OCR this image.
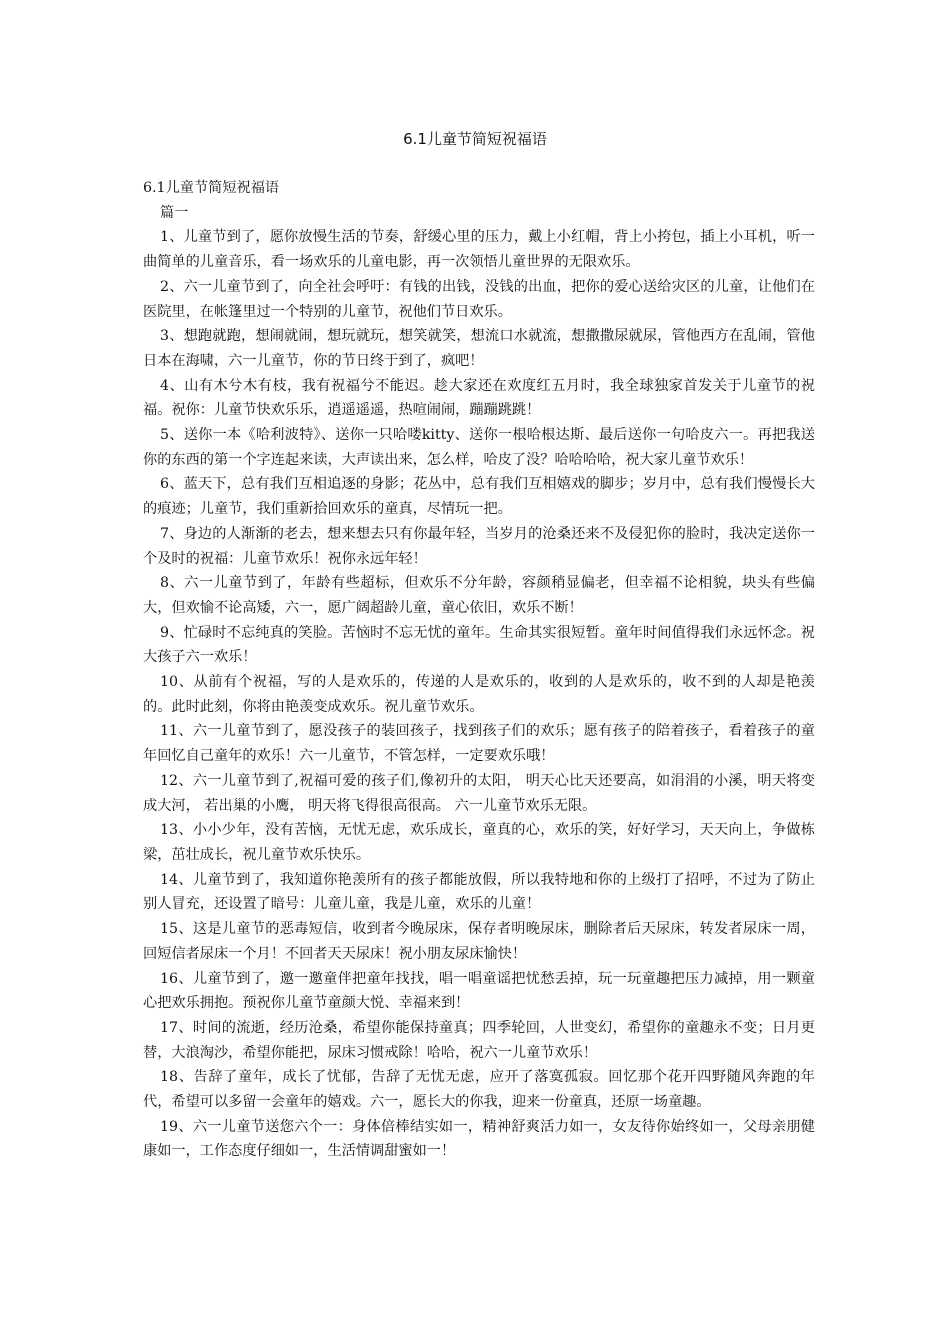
6.1儿童节简短祝福语

6.1儿童节简短祝福语

篇一

1、儿童节到了，愿你放慢生活的节奏，舒缓心里的压力，戴上小红帽，背上小挎包，插上小耳机，听一曲简单的儿童音乐，看一场欢乐的儿童电影，再一次领悟儿童世界的无限欢乐。

2、六一儿童节到了，向全社会呼吁：有钱的出钱，没钱的出血，把你的爱心送给灾区的儿童，让他们在医院里，在帐篷里过一个特别的儿童节，祝他们节日欢乐。

3、想跑就跑，想闹就闹，想玩就玩，想笑就笑，想流口水就流，想撒撒尿就尿，管他西方在乱闹，管他日本在海啸，六一儿童节，你的节日终于到了，疯吧！

4、山有木兮木有枝，我有祝福兮不能迟。趁大家还在欢度红五月时，我全球独家首发关于儿童节的祝福。祝你：儿童节快欢乐乐，逍遥遥遥，热喧闹闹，蹦蹦跳跳！

5、送你一本《哈利波特》、送你一只哈喽kitty、送你一根哈根达斯、最后送你一句哈皮六一。再把我送你的东西的第一个字连起来读，大声读出来，怎么样，哈皮了没？哈哈哈哈，祝大家儿童节欢乐！

6、蓝天下，总有我们互相追逐的身影；花丛中，总有我们互相嬉戏的脚步；岁月中，总有我们慢慢长大的痕迹；儿童节，我们重新拾回欢乐的童真，尽情玩一把。

7、身边的人渐渐的老去，想来想去只有你最年轻，当岁月的沧桑还来不及侵犯你的脸时，我决定送你一个及时的祝福：儿童节欢乐！祝你永远年轻！

8、六一儿童节到了，年龄有些超标，但欢乐不分年龄，容颜稍显偏老，但幸福不论相貌，块头有些偏大，但欢愉不论高矮，六一，愿广阔超龄儿童，童心依旧，欢乐不断！

9、忙碌时不忘纯真的笑脸。苦恼时不忘无忧的童年。生命其实很短暂。童年时间值得我们永远怀念。祝大孩子六一欢乐！

10、从前有个祝福，写的人是欢乐的，传递的人是欢乐的，收到的人是欢乐的，收不到的人却是艳羡的。此时此刻，你将由艳羡变成欢乐。祝儿童节欢乐。

11、六一儿童节到了，愿没孩子的装回孩子，找到孩子们的欢乐；愿有孩子的陪着孩子，看着孩子的童年回忆自己童年的欢乐！六一儿童节，不管怎样，一定要欢乐哦！

12、六一儿童节到了,祝福可爱的孩子们,像初升的太阳， 明天心比天还要高，如涓涓的小溪，明天将变成大河， 若出巢的小鹰， 明天将飞得很高很高。 六一儿童节欢乐无限。

13、小小少年，没有苦恼，无忧无虑，欢乐成长，童真的心，欢乐的笑，好好学习，天天向上，争做栋梁，茁壮成长，祝儿童节欢乐快乐。

14、儿童节到了，我知道你艳羡所有的孩子都能放假，所以我特地和你的上级打了招呼，不过为了防止别人冒充，还设置了暗号：儿童儿童，我是儿童，欢乐的儿童！

15、这是儿童节的恶毒短信，收到者今晚尿床，保存者明晚尿床，删除者后天尿床，转发者尿床一周，回短信者尿床一个月！不回者天天尿床！祝小朋友尿床愉快！

16、儿童节到了，邀一邀童伴把童年找找，唱一唱童谣把忧愁丢掉，玩一玩童趣把压力减掉，用一颗童心把欢乐拥抱。预祝你儿童节童颜大悦、幸福来到！

17、时间的流逝，经历沧桑，希望你能保持童真；四季轮回，人世变幻，希望你的童趣永不变；日月更替，大浪淘沙，希望你能把，尿床习惯戒除！哈哈，祝六一儿童节欢乐！

18、告辞了童年，成长了忧郁，告辞了无忧无虑，应开了落寞孤寂。回忆那个花开四野随风奔跑的年代，希望可以多留一会童年的嬉戏。六一，愿长大的你我，迎来一份童真，还原一场童趣。

19、六一儿童节送您六个一：身体倍棒结实如一，精神舒爽活力如一，女友待你始终如一，父母亲朋健康如一，工作态度仔细如一，生活情调甜蜜如一！
